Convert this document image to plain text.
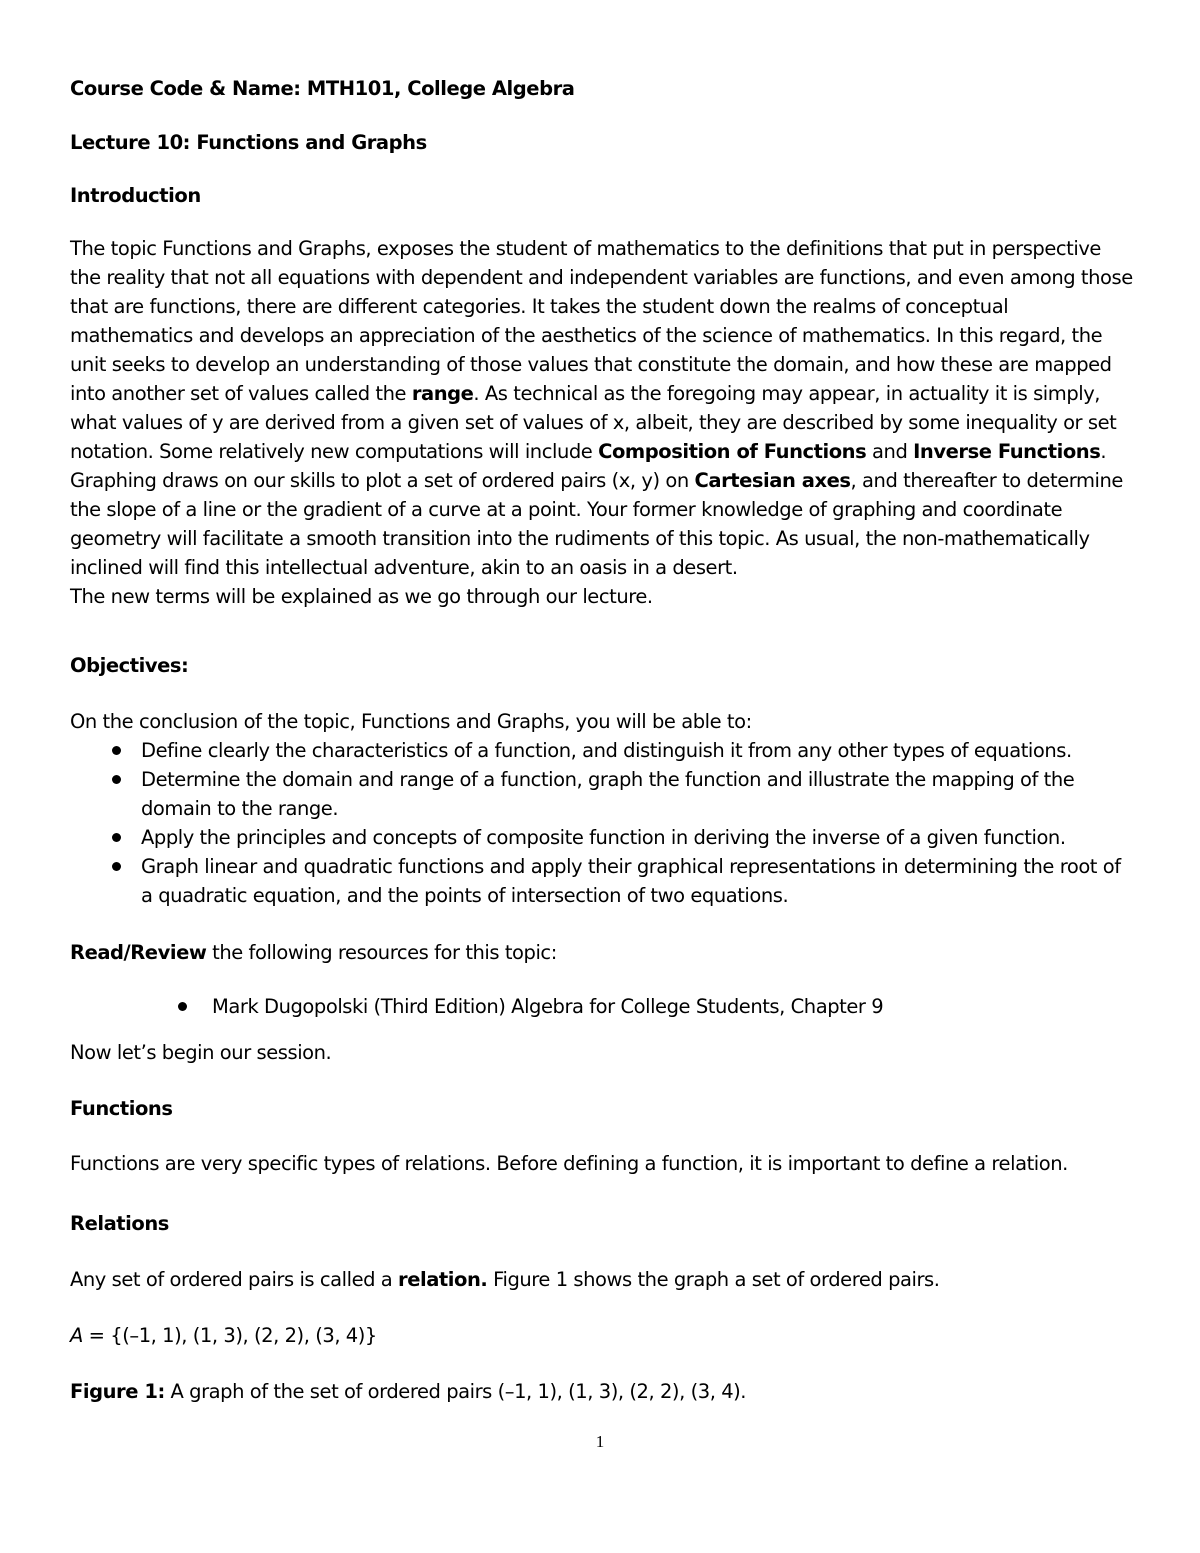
Course Code & Name: MTH101, College Algebra

Lecture 10: Functions and Graphs

Introduction

The topic Functions and Graphs, exposes the student of mathematics to the definitions that put in perspective the reality that not all equations with dependent and independent variables are functions, and even among those that are functions, there are different categories. It takes the student down the realms of conceptual mathematics and develops an appreciation of the aesthetics of the science of mathematics. In this regard, the unit seeks to develop an understanding of those values that constitute the domain, and how these are mapped into another set of values called the range. As technical as the foregoing may appear, in actuality it is simply, what values of y are derived from a given set of values of x, albeit, they are described by some inequality or set notation. Some relatively new computations will include Composition of Functions and Inverse Functions. Graphing draws on our skills to plot a set of ordered pairs (x, y) on Cartesian axes, and thereafter to determine the slope of a line or the gradient of a curve at a point. Your former knowledge of graphing and coordinate geometry will facilitate a smooth transition into the rudiments of this topic. As usual, the non-mathematically inclined will find this intellectual adventure, akin to an oasis in a desert.

The new terms will be explained as we go through our lecture.

Objectives:

On the conclusion of the topic, Functions and Graphs, you will be able to:

Define clearly the characteristics of a function, and distinguish it from any other types of equations.
Determine the domain and range of a function, graph the function and illustrate the mapping of the domain to the range.
Apply the principles and concepts of composite function in deriving the inverse of a given function.
Graph linear and quadratic functions and apply their graphical representations in determining the root of a quadratic equation, and the points of intersection of two equations.

Read/Review the following resources for this topic:

Mark Dugopolski (Third Edition) Algebra for College Students, Chapter 9

Now let’s begin our session.

Functions

Functions are very specific types of relations. Before defining a function, it is important to define a relation.

Relations

Any set of ordered pairs is called a relation. Figure 1 shows the graph a set of ordered pairs.

A = {(–1, 1), (1, 3), (2, 2), (3, 4)}

Figure 1: A graph of the set of ordered pairs (–1, 1), (1, 3), (2, 2), (3, 4).

1
